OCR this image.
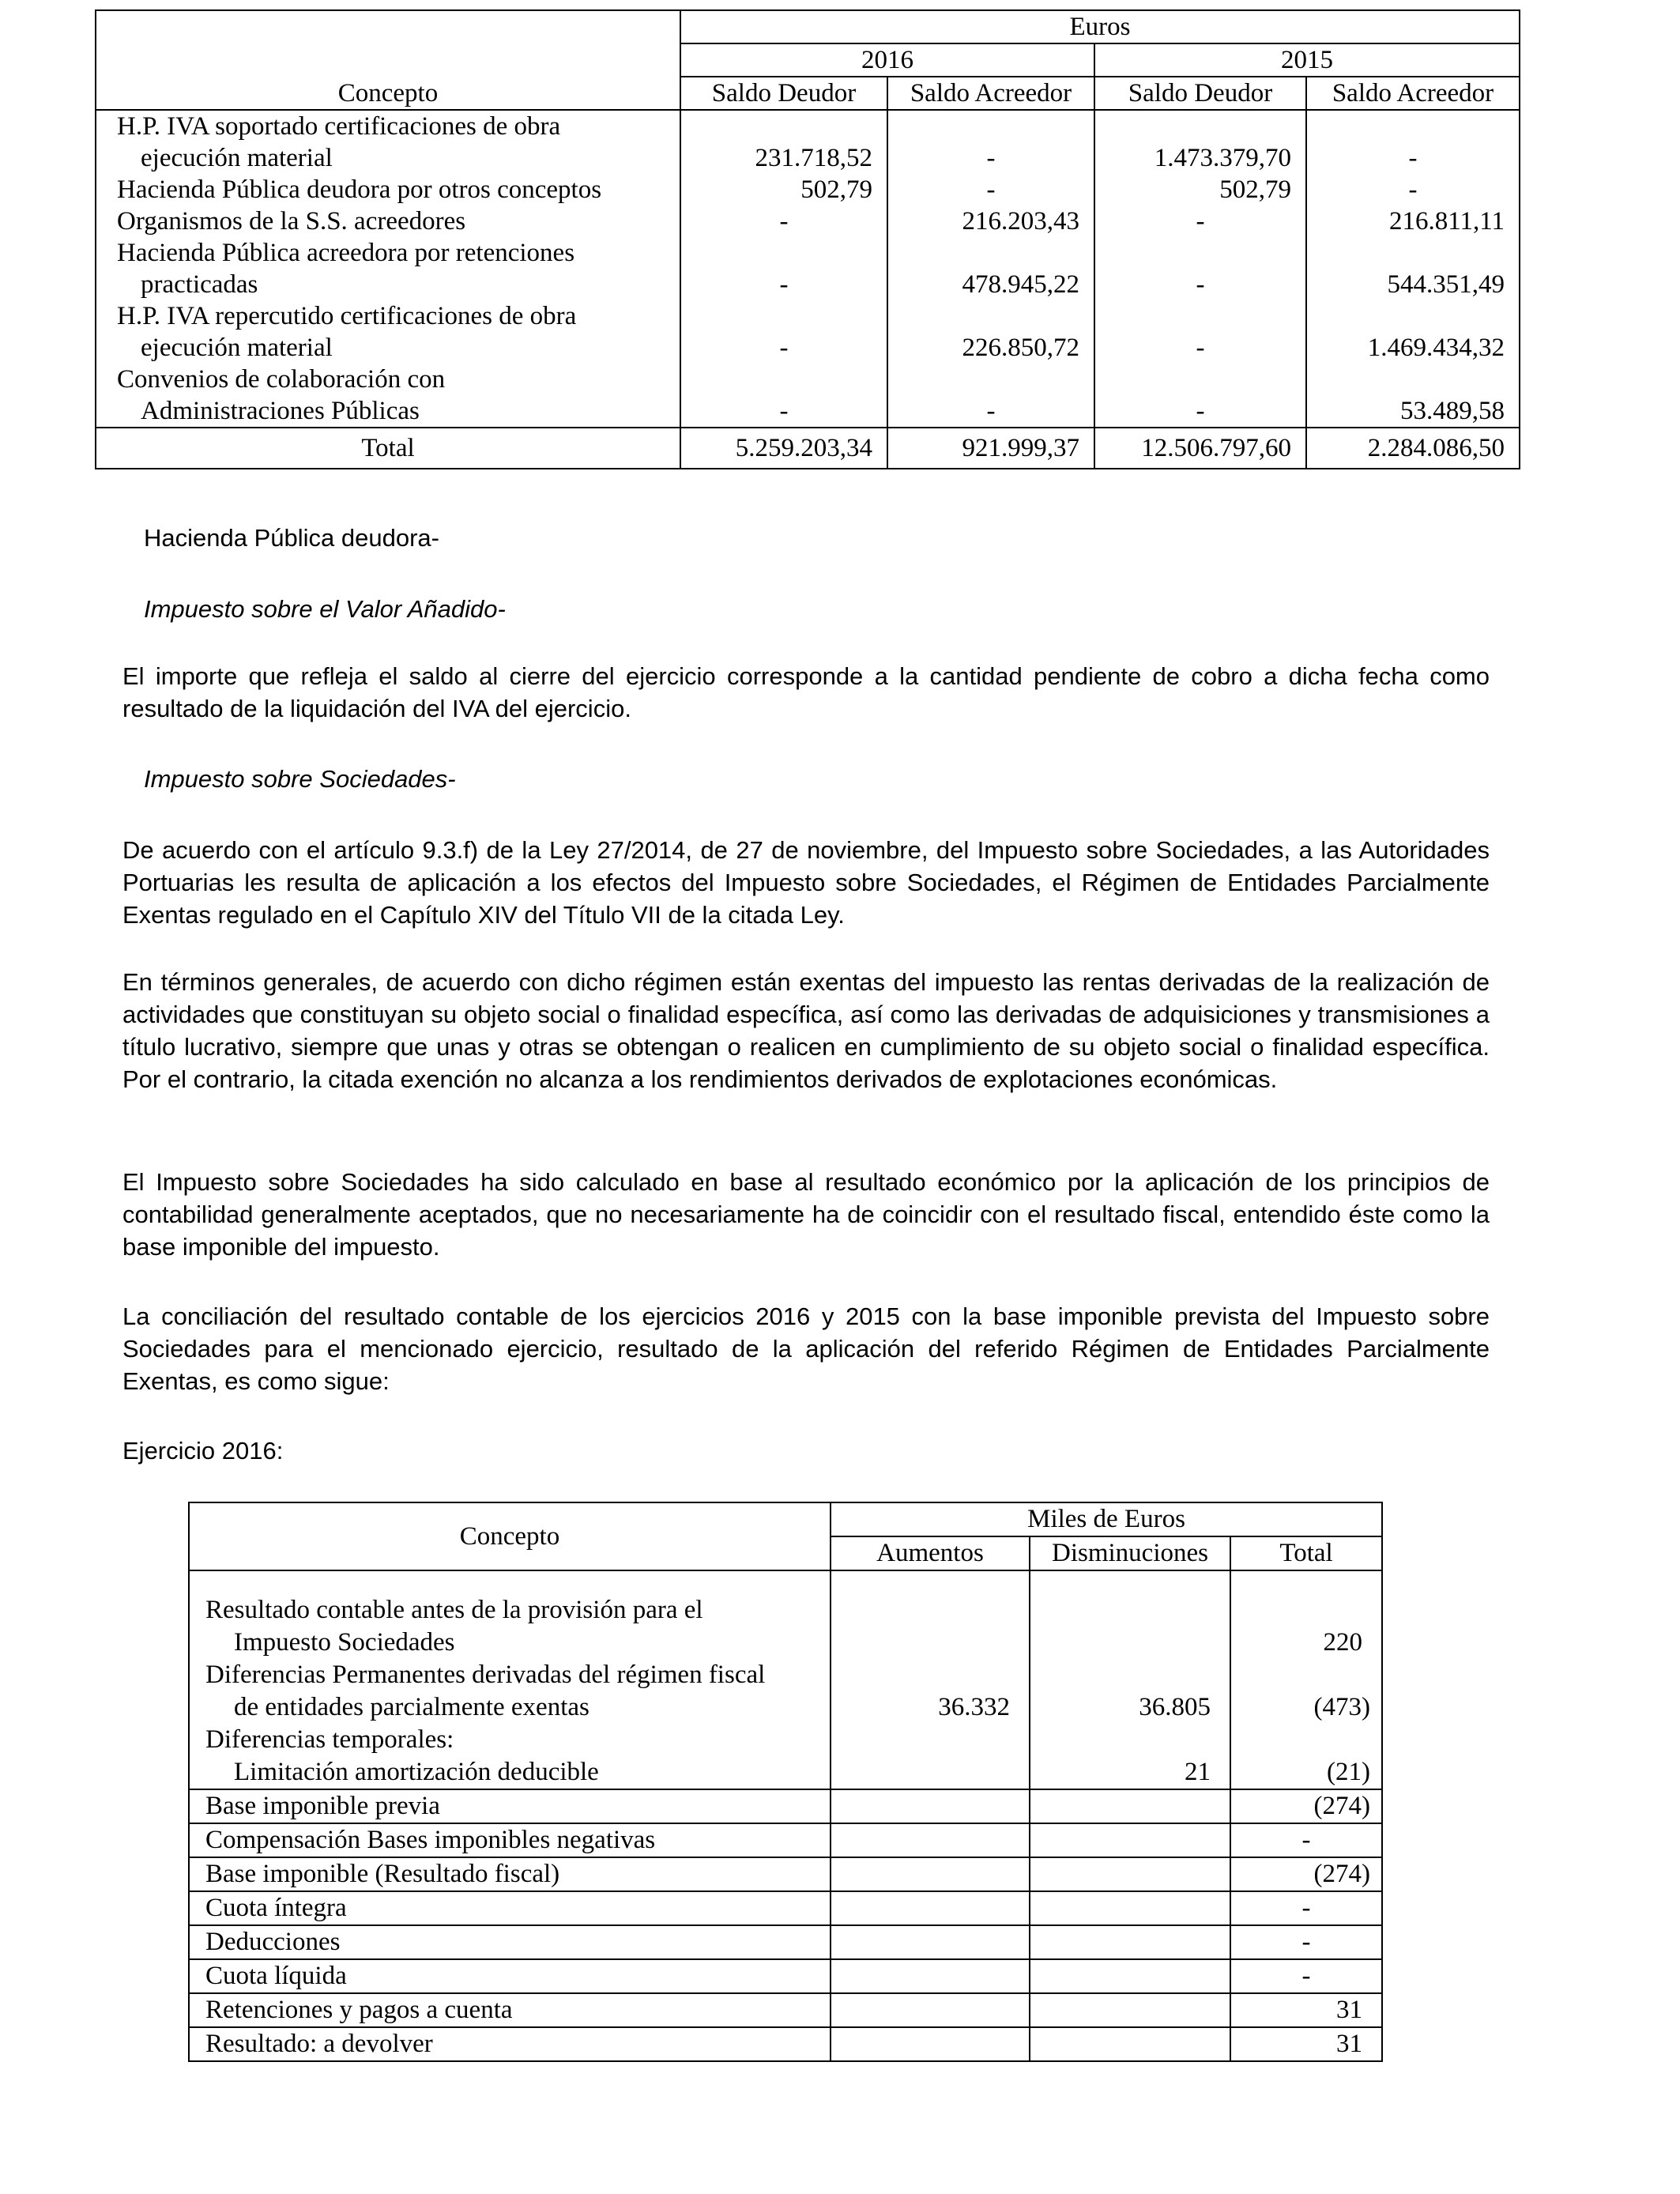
	Euros			
	2016		2015	
Concepto	Saldo Deudor	Saldo Acreedor	Saldo Deudor	Saldo Acreedor
H.P. IVA soportado certificaciones de obra				
ejecución material	231.718,52	-	1.473.379,70	-
Hacienda Pública deudora por otros conceptos	502,79	-	502,79	-
Organismos de la S.S. acreedores	-	216.203,43	-	216.811,11
Hacienda Pública acreedora por retenciones				
practicadas	-	478.945,22	-	544.351,49
H.P. IVA repercutido certificaciones de obra				
ejecución material	-	226.850,72	-	1.469.434,32
Convenios de colaboración con				
Administraciones Públicas	-	-	-	53.489,58
Total	5.259.203,34	921.999,37	12.506.797,60	2.284.086,50

Hacienda Pública deudora-

Impuesto sobre el Valor Añadido-

El importe que refleja el saldo al cierre del ejercicio corresponde a la cantidad pendiente de cobro a dicha fecha como resultado de la liquidación del IVA del ejercicio.

Impuesto sobre Sociedades-

De acuerdo con el artículo 9.3.f) de la Ley 27/2014, de 27 de noviembre, del Impuesto sobre Sociedades, a las Autoridades Portuarias les resulta de aplicación a los efectos del Impuesto sobre Sociedades, el Régimen de Entidades Parcialmente Exentas regulado en el Capítulo XIV del Título VII de la citada Ley.

En términos generales, de acuerdo con dicho régimen están exentas del impuesto las rentas derivadas de la realización de actividades que constituyan su objeto social o finalidad específica, así como las derivadas de adquisiciones y transmisiones a título lucrativo, siempre que unas y otras se obtengan o realicen en cumplimiento de su objeto social o finalidad específica. Por el contrario, la citada exención no alcanza a los rendimientos derivados de explotaciones económicas.

El Impuesto sobre Sociedades ha sido calculado en base al resultado económico por la aplicación de los principios de contabilidad generalmente aceptados, que no necesariamente ha de coincidir con el resultado fiscal, entendido éste como la base imponible del impuesto.

La conciliación del resultado contable de los ejercicios 2016 y 2015 con la base imponible prevista del Impuesto sobre Sociedades para el mencionado ejercicio, resultado de la aplicación del referido Régimen de Entidades Parcialmente Exentas, es como sigue:

Ejercicio 2016:

Concepto	Miles de Euros		
	Aumentos	Disminuciones	Total

Resultado contable antes de la provisión para el			
Impuesto Sociedades			220
Diferencias Permanentes derivadas del régimen fiscal			
de entidades parcialmente exentas	36.332	36.805	(473)
Diferencias temporales:			
Limitación amortización deducible		21	(21)
Base imponible previa			(274)
Compensación Bases imponibles negativas			-
Base imponible (Resultado fiscal)			(274)
Cuota íntegra			-
Deducciones			-
Cuota líquida			-
Retenciones y pagos a cuenta			31
Resultado: a devolver			31
